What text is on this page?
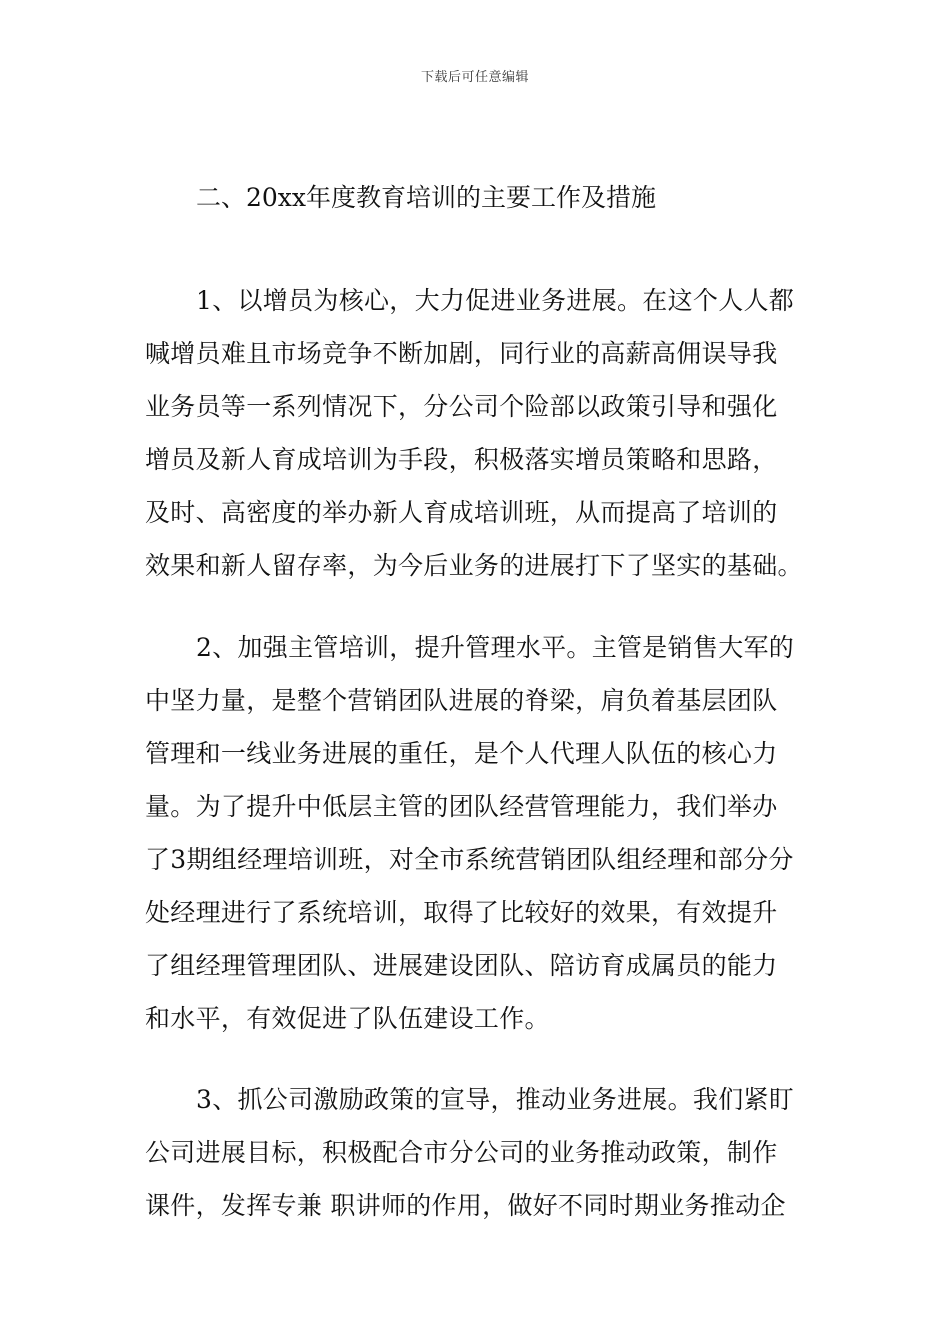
下载后可任意编辑
二、20xx年度教育培训的主要工作及措施
1、以增员为核心，大力促进业务进展。在这个人人都
喊增员难且市场竞争不断加剧，同行业的高薪高佣误导我
业务员等一系列情况下，分公司个险部以政策引导和强化
增员及新人育成培训为手段，积极落实增员策略和思路，
及时、高密度的举办新人育成培训班，从而提高了培训的
效果和新人留存率，为今后业务的进展打下了坚实的基础。
2、加强主管培训，提升管理水平。主管是销售大军的
中坚力量，是整个营销团队进展的脊梁，肩负着基层团队
管理和一线业务进展的重任，是个人代理人队伍的核心力
量。为了提升中低层主管的团队经营管理能力，我们举办
了3期组经理培训班，对全市系统营销团队组经理和部分分
处经理进行了系统培训，取得了比较好的效果，有效提升
了组经理管理团队、进展建设团队、陪访育成属员的能力
和水平，有效促进了队伍建设工作。
3、抓公司激励政策的宣导，推动业务进展。我们紧盯
公司进展目标，积极配合市分公司的业务推动政策，制作
课件，发挥专兼 职讲师的作用，做好不同时期业务推动企
